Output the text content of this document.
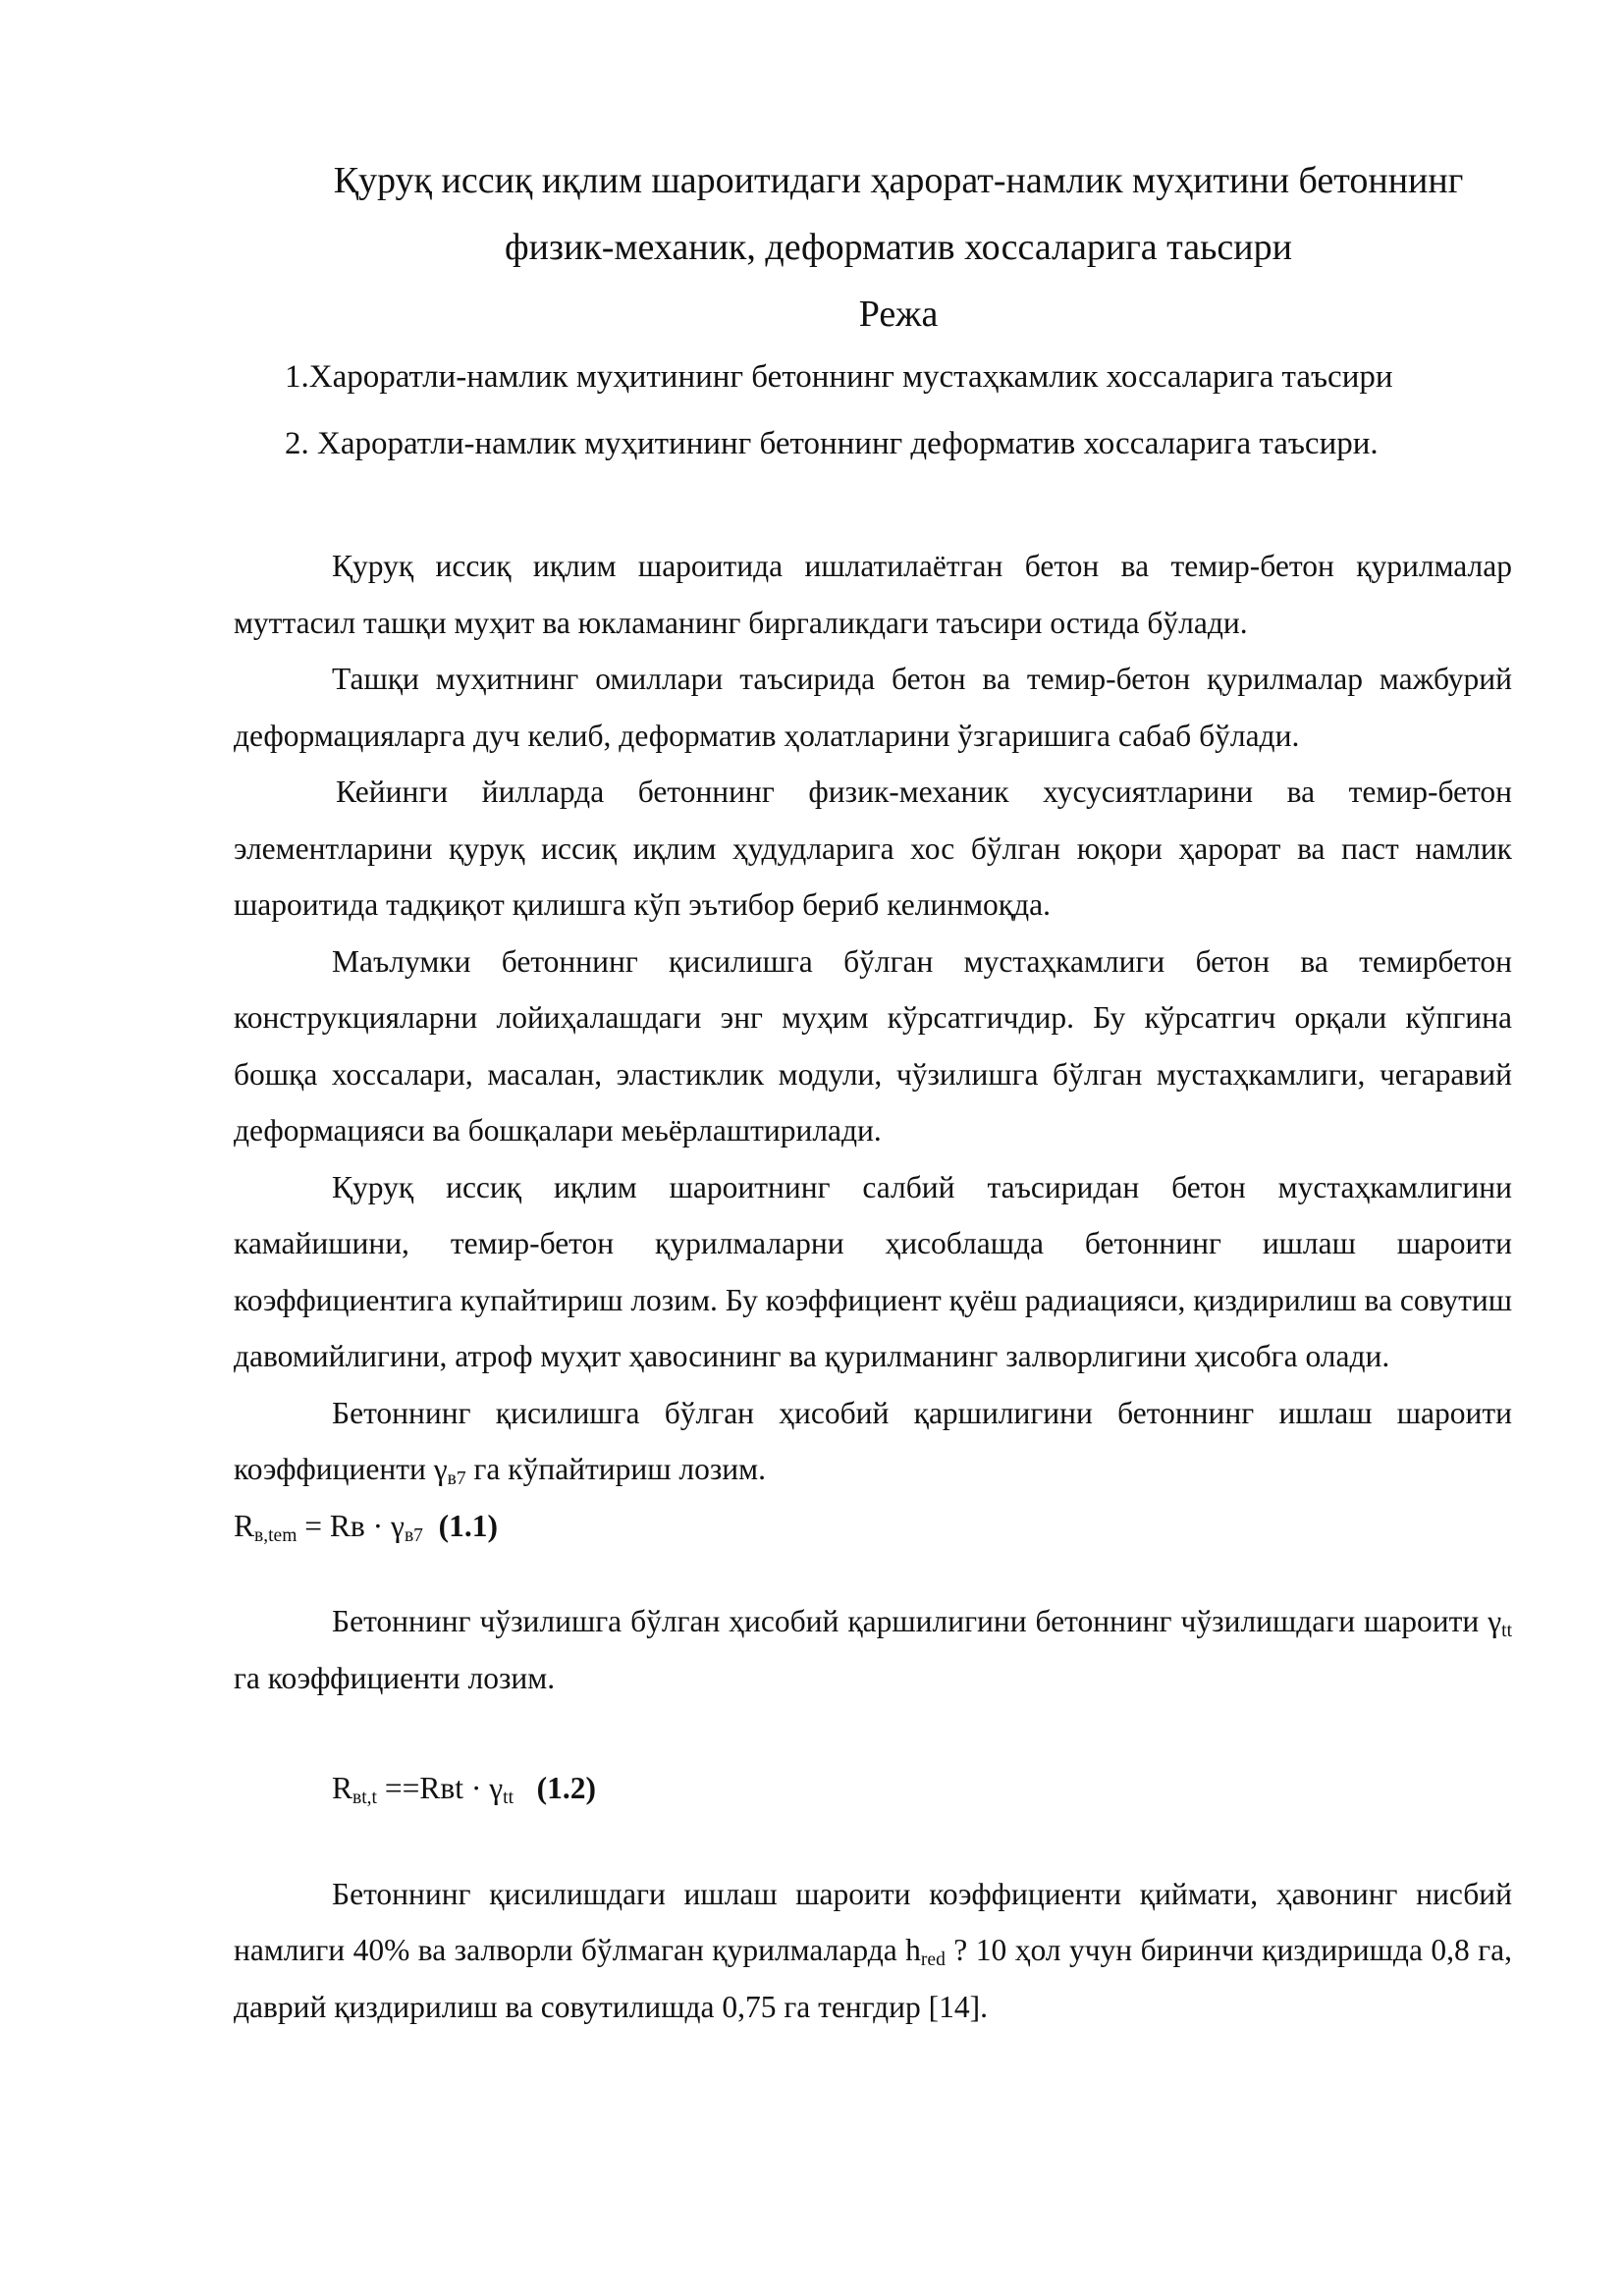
Қуруқ иссиқ иқлим шароитидаги ҳарорат-намлик муҳитини бетоннинг
физик-механик, деформатив хоссаларига таьсири
Режа
1.Хароратли-намлик муҳитининг бетоннинг мустаҳкамлик хоссаларига таъсири
2. Хароратли-намлик муҳитининг бетоннинг деформатив хоссаларига таъсири.

Қуруқ иссиқ иқлим шароитида ишлатилаётган бетон ва темир-бетон қурилмалар муттасил ташқи муҳит ва юкламанинг биргаликдаги таъсири остида бўлади.

Ташқи муҳитнинг омиллари таъсирида бетон ва темир-бетон қурилмалар мажбурий деформацияларга дуч келиб, деформатив ҳолатларини ўзгаришига сабаб бўлади.

Кейинги йилларда бетоннинг физик-механик хусусиятларини ва темир-бетон элементларини қуруқ иссиқ иқлим ҳудудларига хос бўлган юқори ҳарорат ва паст намлик шароитида тадқиқот қилишга кўп эътибор бериб келинмоқда.

Маълумки бетоннинг қисилишга бўлган мустаҳкамлиги бетон ва темирбетон конструкцияларни лойиҳалашдаги энг муҳим кўрсатгичдир. Бу кўрсатгич орқали кўпгина бошқа хоссалари, масалан, эластиклик модули, чўзилишга бўлган мустаҳкамлиги, чегаравий деформацияси ва бошқалари меьёрлаштирилади.

Қуруқ иссиқ иқлим шароитнинг салбий таъсиридан бетон мустаҳкамлигини камайишини, темир-бетон қурилмаларни ҳисоблашда бетоннинг ишлаш шароити коэффициентига купайтириш лозим. Бу коэффициент қуёш радиацияси, қиздирилиш ва совутиш давомийлигини, атроф муҳит ҳавосининг ва қурилманинг залворлигини ҳисобга олади.

Бетоннинг қисилишга бўлган ҳисобий қаршилигини бетоннинг ишлаш шароити коэффициенти $\gamma_{в7}$ га кўпайтириш лозим.

$R_{в,tem}$ = Rв · $\gamma_{в7}$ (1.1)

Бетоннинг чўзилишга бўлган ҳисобий қаршилигини бетоннинг чўзилишдаги шароити $\gamma_{tt}$ га коэффициенти лозим.

$R_{вt,t} ==Rвt \cdot \gamma_{tt}$ (1.2)

Бетоннинг қисилишдаги ишлаш шароити коэффициенти қиймати, ҳавонинг нисбий намлиги 40% ва залворли бўлмаган қурилмаларда $h_{red}$ ? 10 ҳол учун биринчи қиздиришда 0,8 га, даврий қиздирилиш ва совутилишда 0,75 га тенгдир [14].
